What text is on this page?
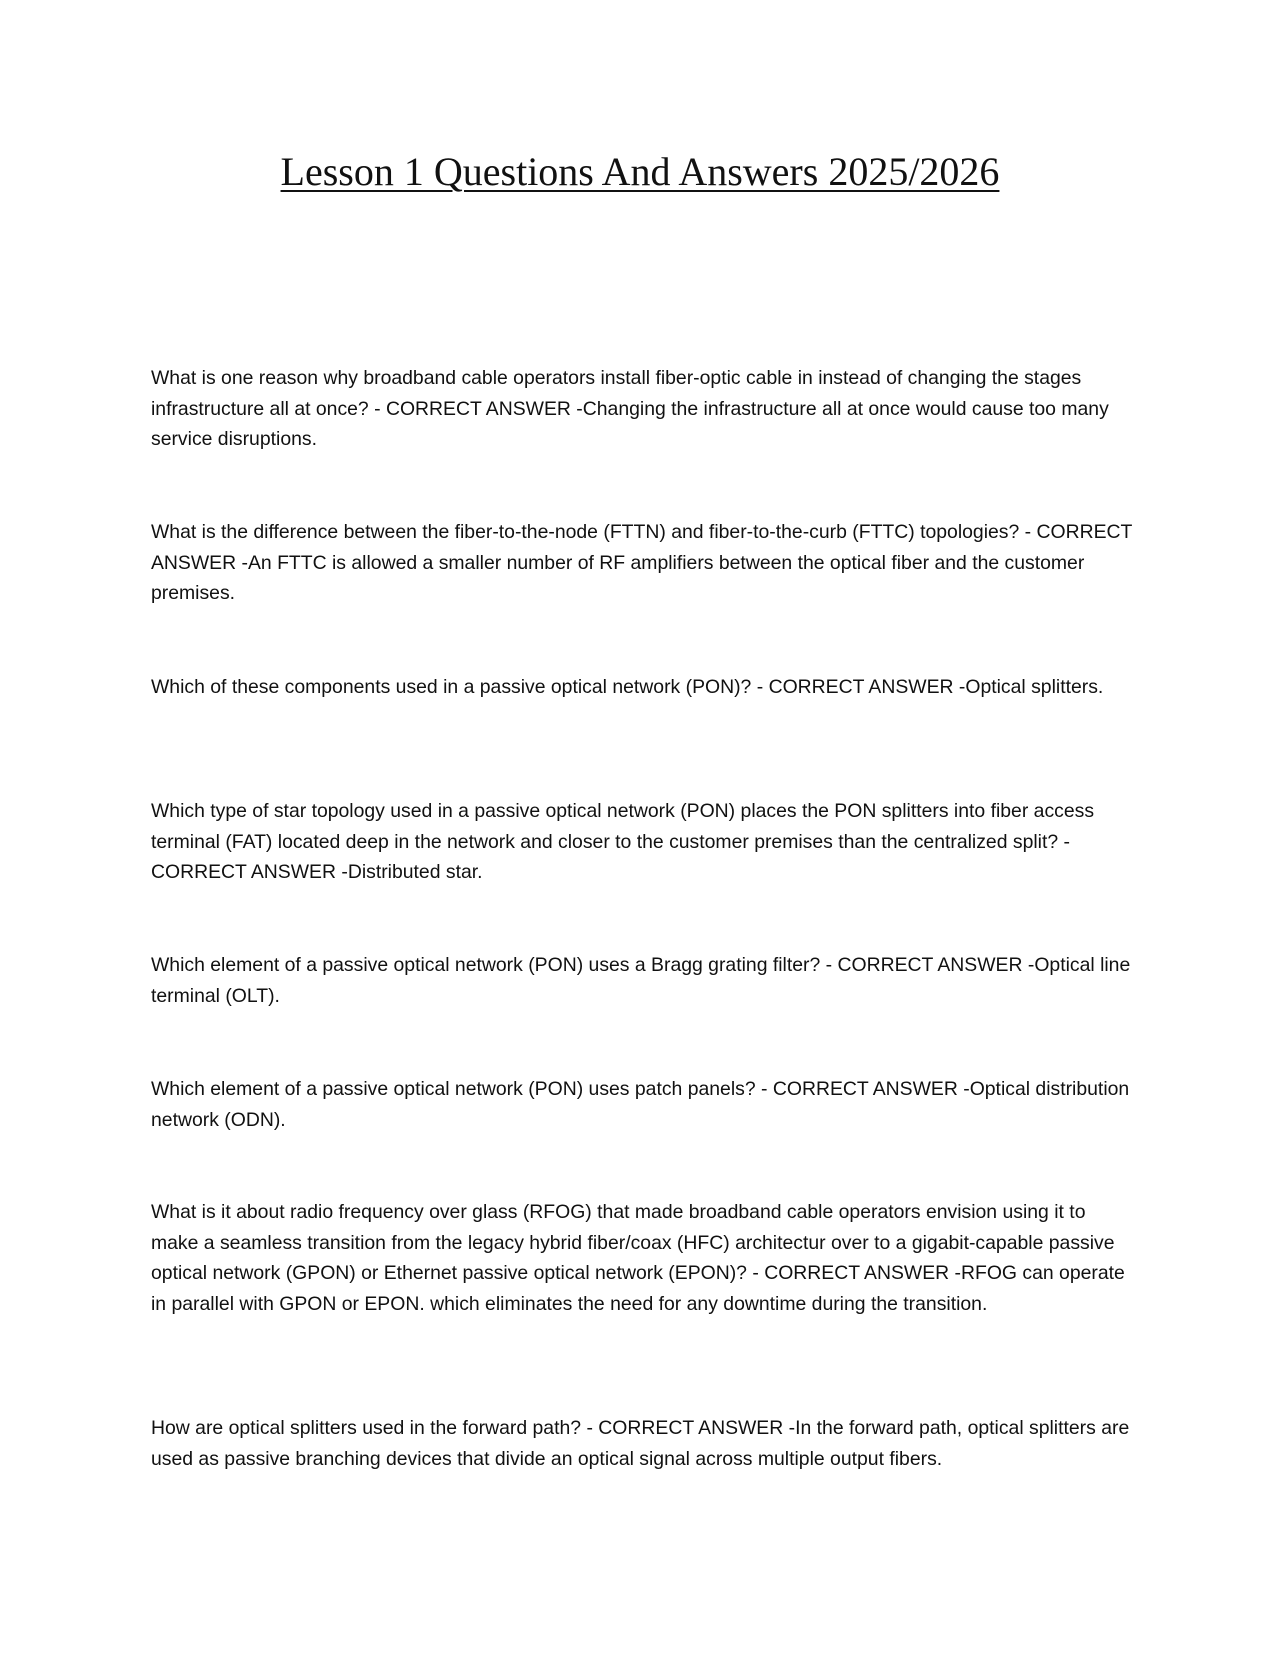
Lesson 1 Questions And Answers 2025/2026

What is one reason why broadband cable operators install fiber-optic cable in instead of changing the stages infrastructure all at once? - CORRECT ANSWER - Changing the infrastructure all at once would cause too many service disruptions.

What is the difference between the fiber-to-the-node (FTTN) and fiber-to-the-curb (FTTC) topologies?- CORRECT ANSWER - An FTTC is allowed a smaller number of RF amplifiers between the optical fiber and the customer premises.

Which of these components used in a passive optical network (PON)? - CORRECT ANSWER - Optical splitters.

Which type of star topology used in a passive optical network (PON) places the PON splitters into fiber access terminal (FAT) located deep in the network and closer to the customer premises than the centralized split?- CORRECT ANSWER - Distributed star.

Which element of a passive optical network (PON) uses a Bragg grating filter? - CORRECT ANSWER - Optical line terminal (OLT).

Which element of a passive optical network (PON) uses patch panels? - CORRECT ANSWER - Optical distribution network (ODN).

What is it about radio frequency over glass (RFOG) that made broadband cable operators envision using it to make a seamless transition from the legacy hybrid fiber/coax (HFC) architectur over to a gigabit-capable passive optical network (GPON) or Ethernet passive optical network (EPON)? - CORRECT ANSWER - RFOG can operate in parallel with GPON or EPON. which eliminates the need for any downtime during the transition.

How are optical splitters used in the forward path? - CORRECT ANSWER - In the forward path, optical splitters are used as passive branching devices that divide an optical signal across multiple output fibers.
